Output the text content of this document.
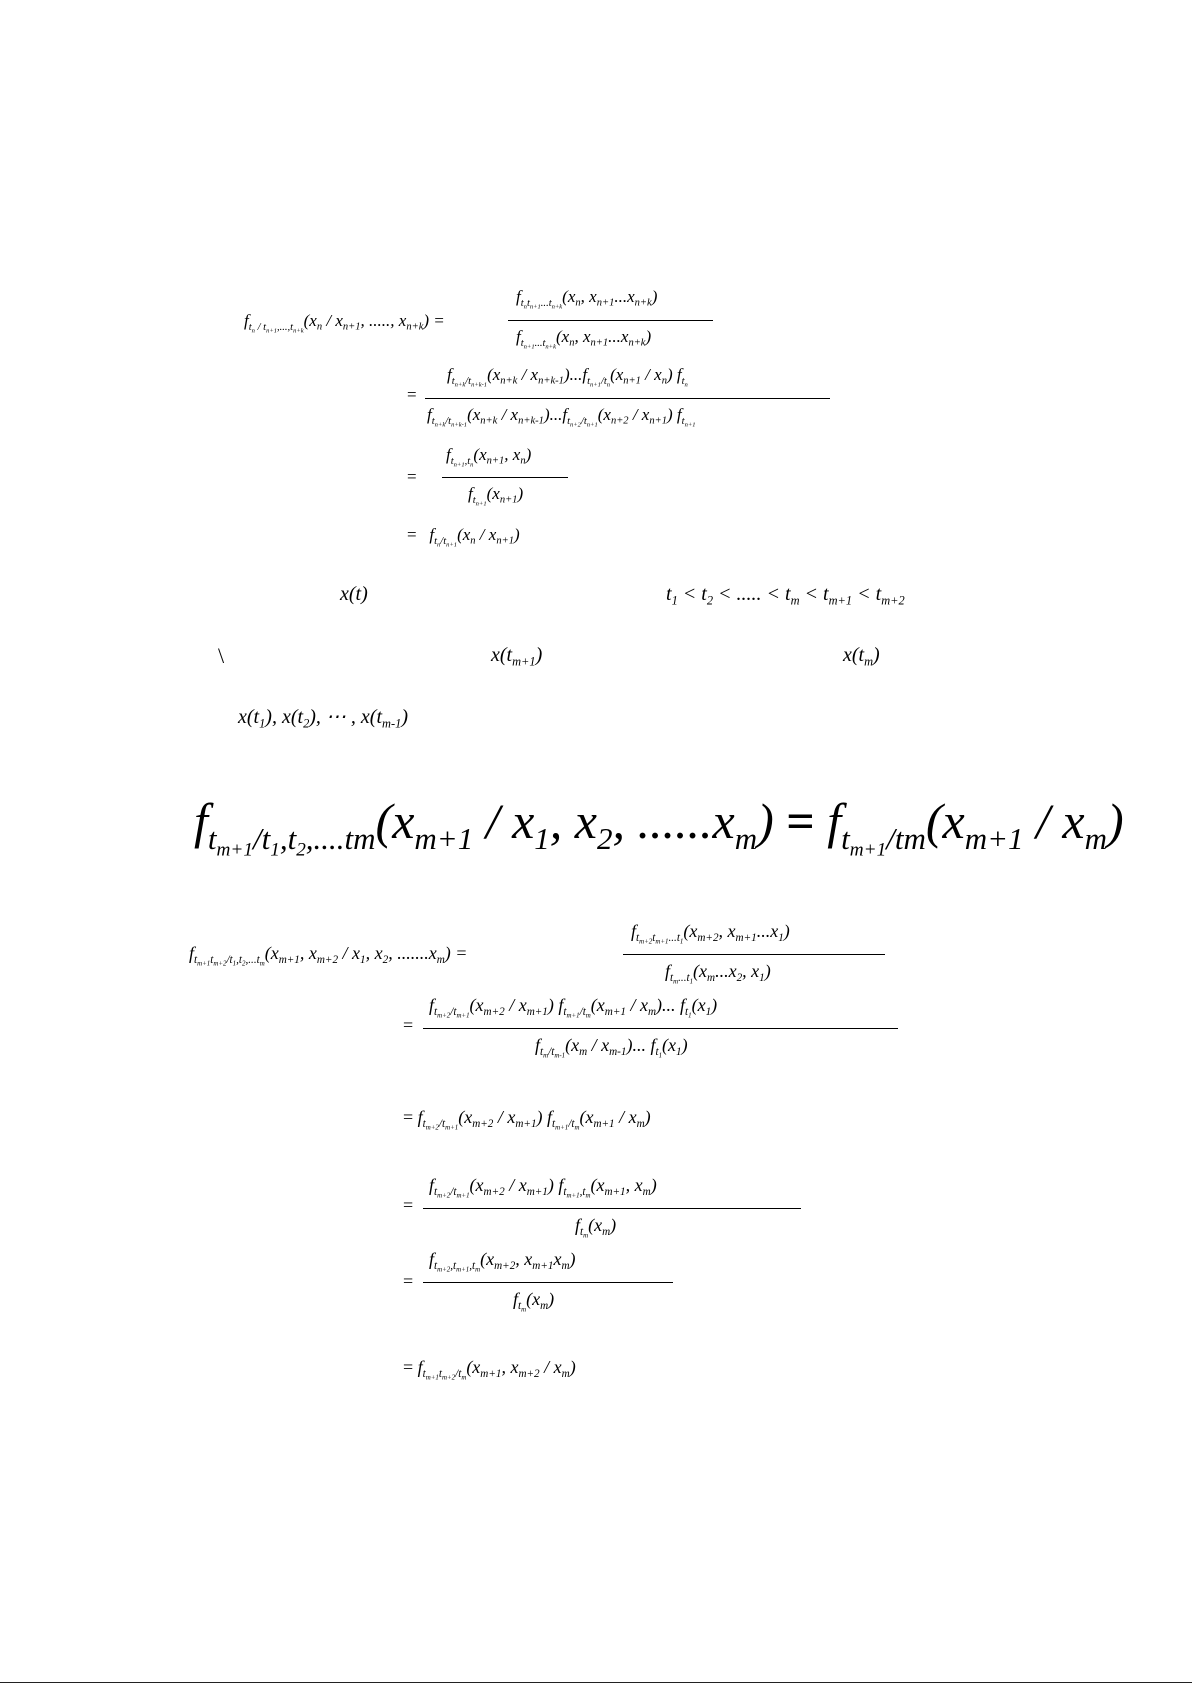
$f_{t_n / t_{n+1},...,t_{n+k}}(x_n / x_{n+1}$, ....., $x_{n+k}$) =
$f_{t_nt_{n+1}...t_{n+k}}(x_n$, $x_{n+1}...x_{n+k}$)
$f_{t_{n+1}...t_{n+k}}(x_n$, $x_{n+1}...x_{n+k}$)
=
$f_{t_{n+k}/t_{n+k-1}}(x_{n+k} / x_{n+k-1})...f_{t_{n+1}/t_n}(x_{n+1} / x_n)$ $f_{t_n}$
$f_{t_{n+k}/t_{n+k-1}}(x_{n+k} / x_{n+k-1})...f_{t_{n+2}/t_{n+1}}(x_{n+2} / x_{n+1})$ $f_{t_{n+1}}$
=
$f_{t_{n+1},t_n}(x_{n+1}$, $x_n$)
$f_{t_{n+1}}(x_{n+1})$
=   $f_{t_n/t_{n+1}}(x_n / x_{n+1})$
x(t)	$t_1 < t_2$ < ..... < $t_m < t_{m+1} < t_{m+2}$
\	$x(t_{m+1})$	$x(t_m)$
$x(t_1)$, $x(t_2)$, ⋯ , $x(t_{m-1})$
$f_{t_{m+1}/t_1,t_2,....tm}(x_{m+1} / x_1$, $x_2$, $......x_m) = f_{t_{m+1}/tm}(x_{m+1} / x_m)$
$f_{t_{m+1}t_{m+2}/t_1,t_2,...t_m}(x_{m+1}$, $x_{m+2} / x_1$, $x_2$, $.......x_m$) =
$f_{t_{m+2}t_{m+1}...t_1}(x_{m+2}$, $x_{m+1}...x_1$)
$f_{t_m...t_1}(x_m...x_2$, $x_1$)
=
$f_{t_{m+2}/t_{m+1}}(x_{m+2} / x_{m+1})$ $f_{t_{m+1}/t_m}(x_{m+1} / x_m)$... $f_{t_1}(x_1)$
$f_{t_m/t_{m-1}}(x_m / x_{m-1})$... $f_{t_1}(x_1)$
= $f_{t_{m+2}/t_{m+1}}(x_{m+2} / x_{m+1})$ $f_{t_{m+1}/t_m}(x_{m+1} / x_m)$
=
$f_{t_{m+2}/t_{m+1}}(x_{m+2} / x_{m+1})$ $f_{t_{m+1},t_m}(x_{m+1}$, $x_m$)
$f_{t_m}(x_m)$
=
$f_{t_{m+2},t_{m+1},t_m}(x_{m+2}$, $x_{m+1}x_m$)
$f_{t_m}(x_m)$
= $f_{t_{m+1}t_{m+2}/t_m}(x_{m+1}$, $x_{m+2} / x_m$)
